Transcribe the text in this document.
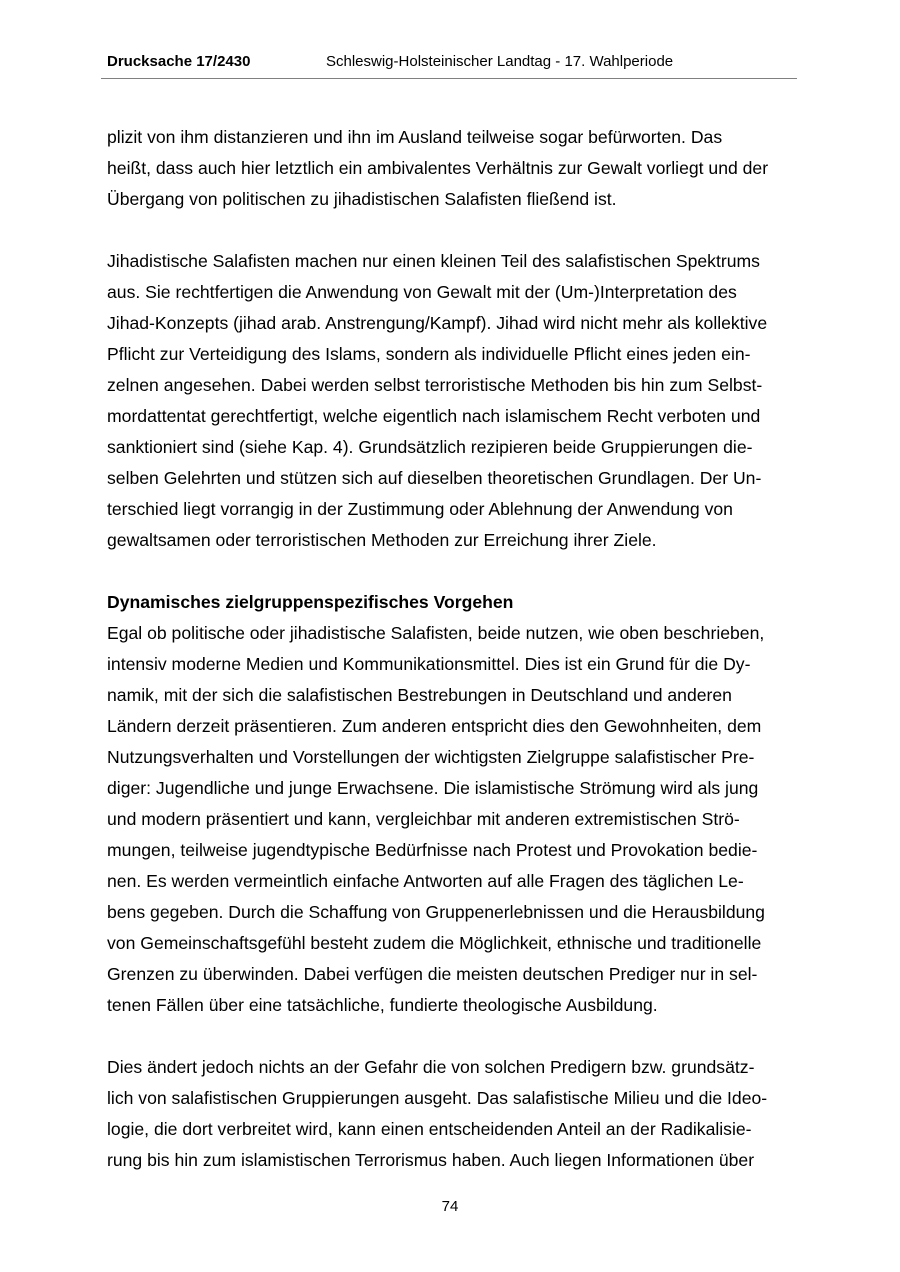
Drucksache 17/2430	Schleswig-Holsteinischer Landtag - 17. Wahlperiode
plizit von ihm distanzieren und ihn im Ausland teilweise sogar befürworten. Das
heißt, dass auch hier letztlich ein ambivalentes Verhältnis zur Gewalt vorliegt und der
Übergang von politischen zu jihadistischen Salafisten fließend ist.
Jihadistische Salafisten machen nur einen kleinen Teil des salafistischen Spektrums
aus. Sie rechtfertigen die Anwendung von Gewalt mit der (Um-)Interpretation des
Jihad-Konzepts (jihad arab. Anstrengung/Kampf). Jihad wird nicht mehr als kollektive
Pflicht zur Verteidigung des Islams, sondern als individuelle Pflicht eines jeden ein-
zelnen angesehen. Dabei werden selbst terroristische Methoden bis hin zum Selbst-
mordattentat gerechtfertigt, welche eigentlich nach islamischem Recht verboten und
sanktioniert sind (siehe Kap. 4). Grundsätzlich rezipieren beide Gruppierungen die-
selben Gelehrten und stützen sich auf dieselben theoretischen Grundlagen. Der Un-
terschied liegt vorrangig in der Zustimmung oder Ablehnung der Anwendung von
gewaltsamen oder terroristischen Methoden zur Erreichung ihrer Ziele.
Dynamisches zielgruppenspezifisches Vorgehen
Egal ob politische oder jihadistische Salafisten, beide nutzen, wie oben beschrieben,
intensiv moderne Medien und Kommunikationsmittel. Dies ist ein Grund für die Dy-
namik, mit der sich die salafistischen Bestrebungen in Deutschland und anderen
Ländern derzeit präsentieren. Zum anderen entspricht dies den Gewohnheiten, dem
Nutzungsverhalten und Vorstellungen der wichtigsten Zielgruppe salafistischer Pre-
diger: Jugendliche und junge Erwachsene. Die islamistische Strömung wird als jung
und modern präsentiert und kann, vergleichbar mit anderen extremistischen Strö-
mungen, teilweise jugendtypische Bedürfnisse nach Protest und Provokation bedie-
nen. Es werden vermeintlich einfache Antworten auf alle Fragen des täglichen Le-
bens gegeben. Durch die Schaffung von Gruppenerlebnissen und die Herausbildung
von Gemeinschaftsgefühl besteht zudem die Möglichkeit, ethnische und traditionelle
Grenzen zu überwinden. Dabei verfügen die meisten deutschen Prediger nur in sel-
tenen Fällen über eine tatsächliche, fundierte theologische Ausbildung.
Dies ändert jedoch nichts an der Gefahr die von solchen Predigern bzw. grundsätz-
lich von salafistischen Gruppierungen ausgeht. Das salafistische Milieu und die Ideo-
logie, die dort verbreitet wird, kann einen entscheidenden Anteil an der Radikalisie-
rung bis hin zum islamistischen Terrorismus haben. Auch liegen Informationen über
74
